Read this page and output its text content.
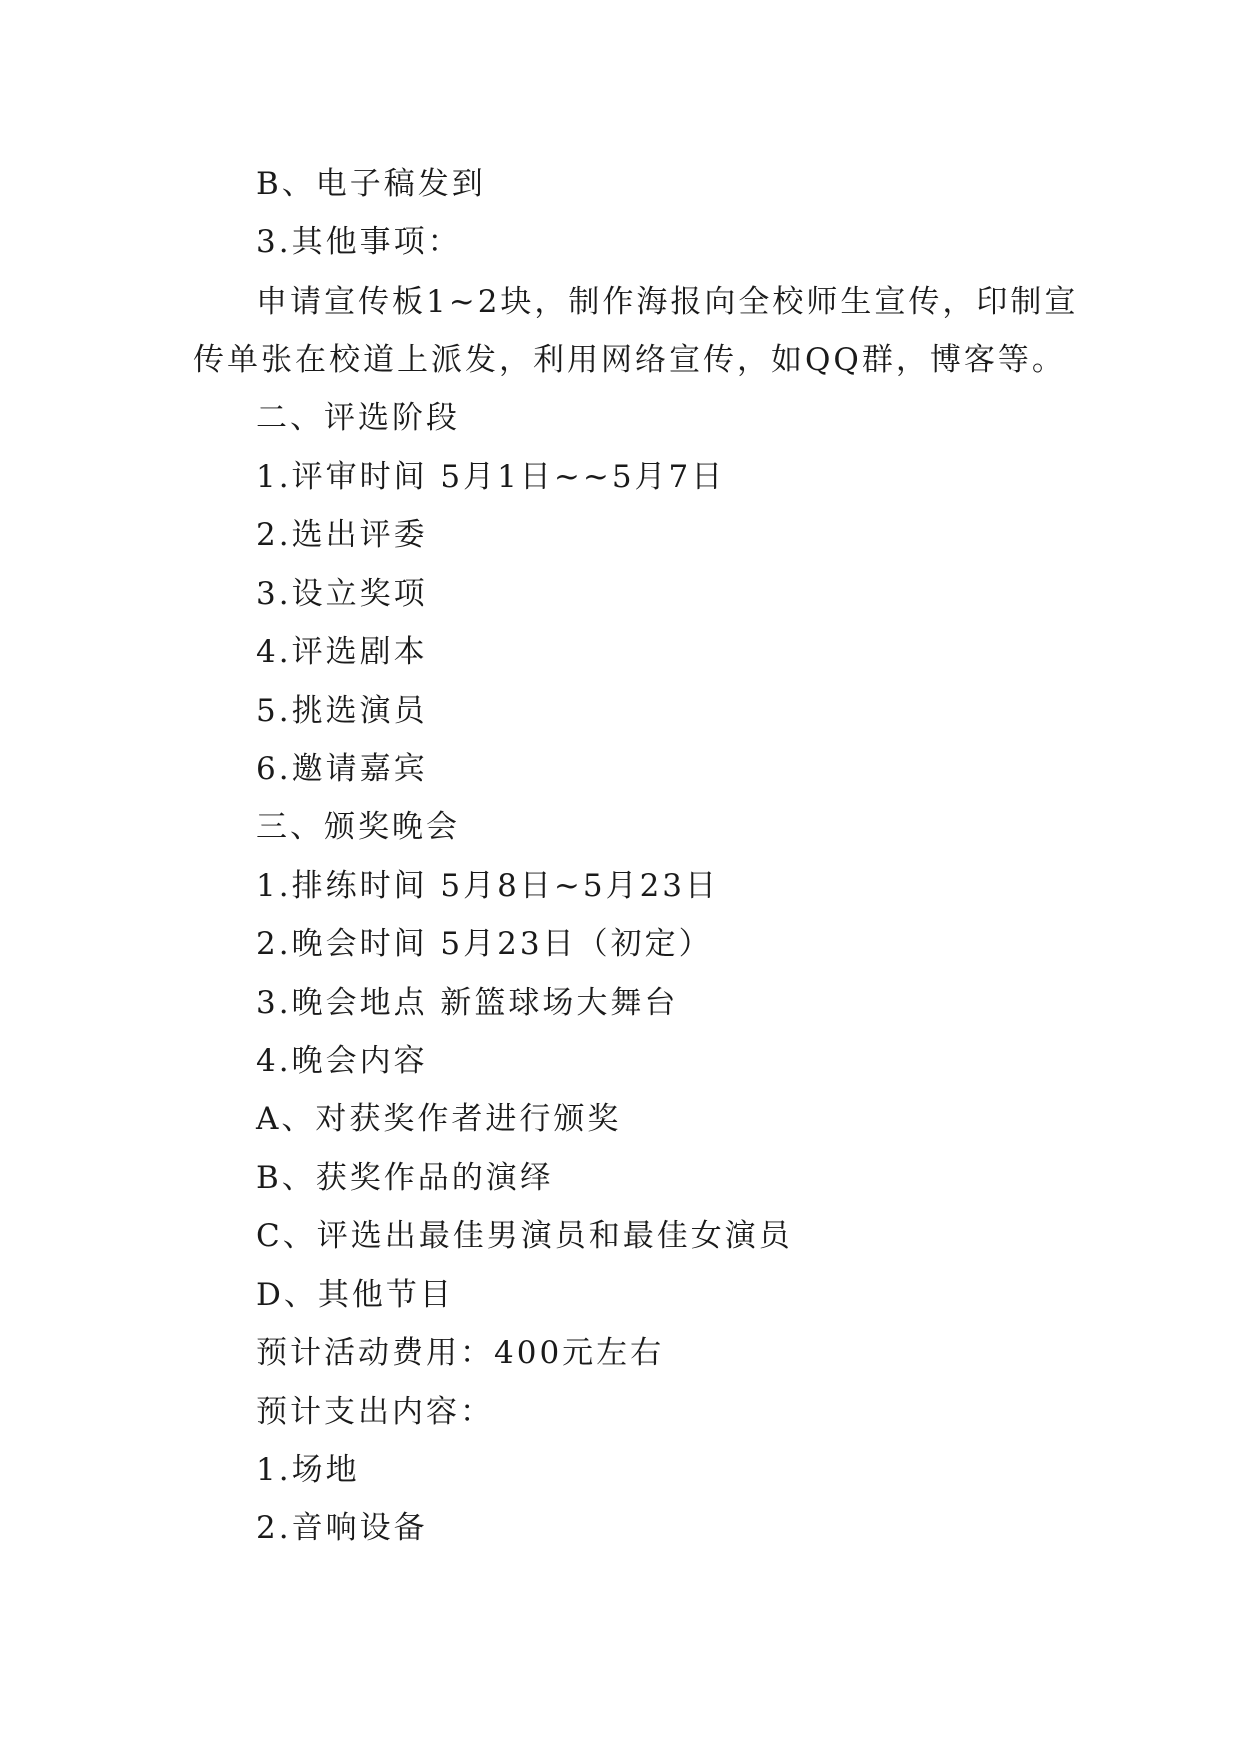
B、电子稿发到
3.其他事项：
申请宣传板1~2块，制作海报向全校师生宣传，印制宣
传单张在校道上派发，利用网络宣传，如QQ群，博客等。
二、评选阶段
1.评审时间 5月1日~~5月7日
2.选出评委
3.设立奖项
4.评选剧本
5.挑选演员
6.邀请嘉宾
三、颁奖晚会
1.排练时间 5月8日~5月23日
2.晚会时间 5月23日（初定）
3.晚会地点 新篮球场大舞台
4.晚会内容
A、对获奖作者进行颁奖
B、获奖作品的演绎
C、评选出最佳男演员和最佳女演员
D、其他节目
预计活动费用：400元左右
预计支出内容：
1.场地
2.音响设备
